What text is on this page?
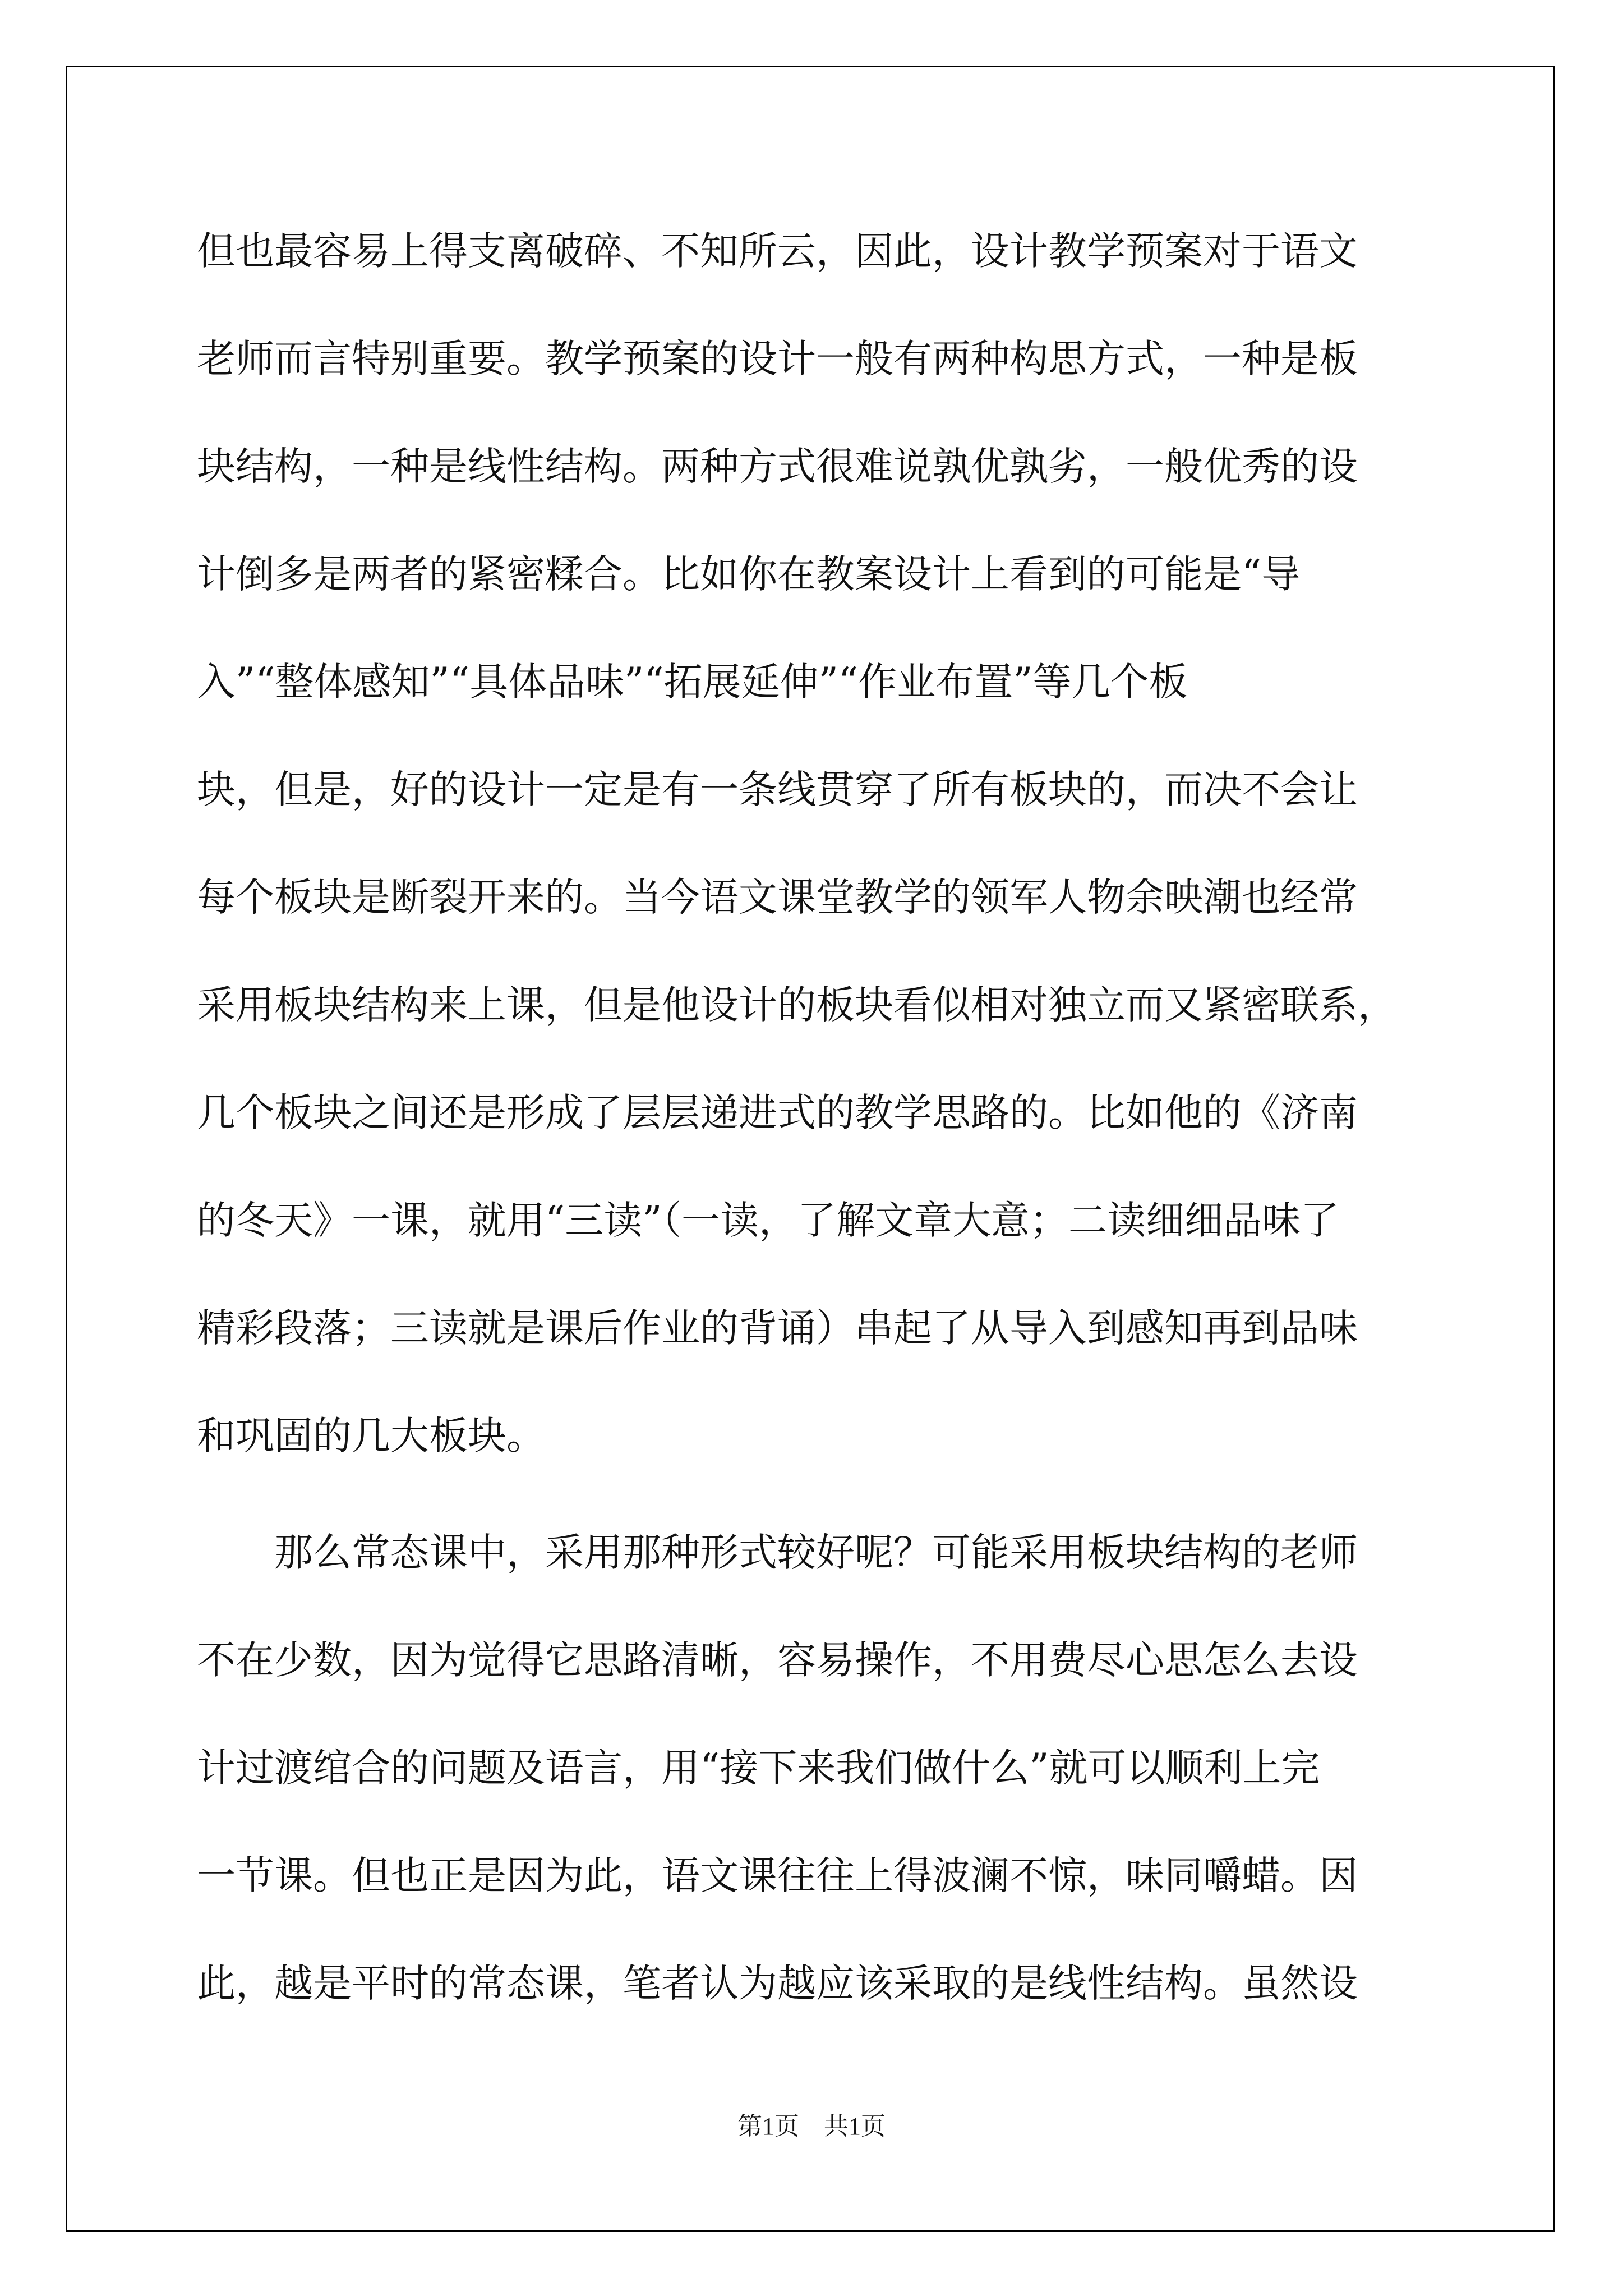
但也最容易上得支离破碎、不知所云，因此，设计教学预案对于语文
老师而言特别重要。教学预案的设计一般有两种构思方式，一种是板
块结构，一种是线性结构。两种方式很难说孰优孰劣，一般优秀的设
计倒多是两者的紧密糅合。比如你在教案设计上看到的可能是“导
入”“整体感知”“具体品味”“拓展延伸”“作业布置”等几个板
块，但是，好的设计一定是有一条线贯穿了所有板块的，而决不会让
每个板块是断裂开来的。当今语文课堂教学的领军人物余映潮也经常
采用板块结构来上课，但是他设计的板块看似相对独立而又紧密联系，
几个板块之间还是形成了层层递进式的教学思路的。比如他的《济南
的冬天》一课，就用“三读”（一读，了解文章大意；二读细细品味了
精彩段落；三读就是课后作业的背诵）串起了从导入到感知再到品味
和巩固的几大板块。
　　那么常态课中，采用那种形式较好呢？可能采用板块结构的老师
不在少数，因为觉得它思路清晰，容易操作，不用费尽心思怎么去设
计过渡绾合的问题及语言，用“接下来我们做什么”就可以顺利上完
一节课。但也正是因为此，语文课往往上得波澜不惊，味同嚼蜡。因
此，越是平时的常态课，笔者认为越应该采取的是线性结构。虽然设
第1页　共1页
